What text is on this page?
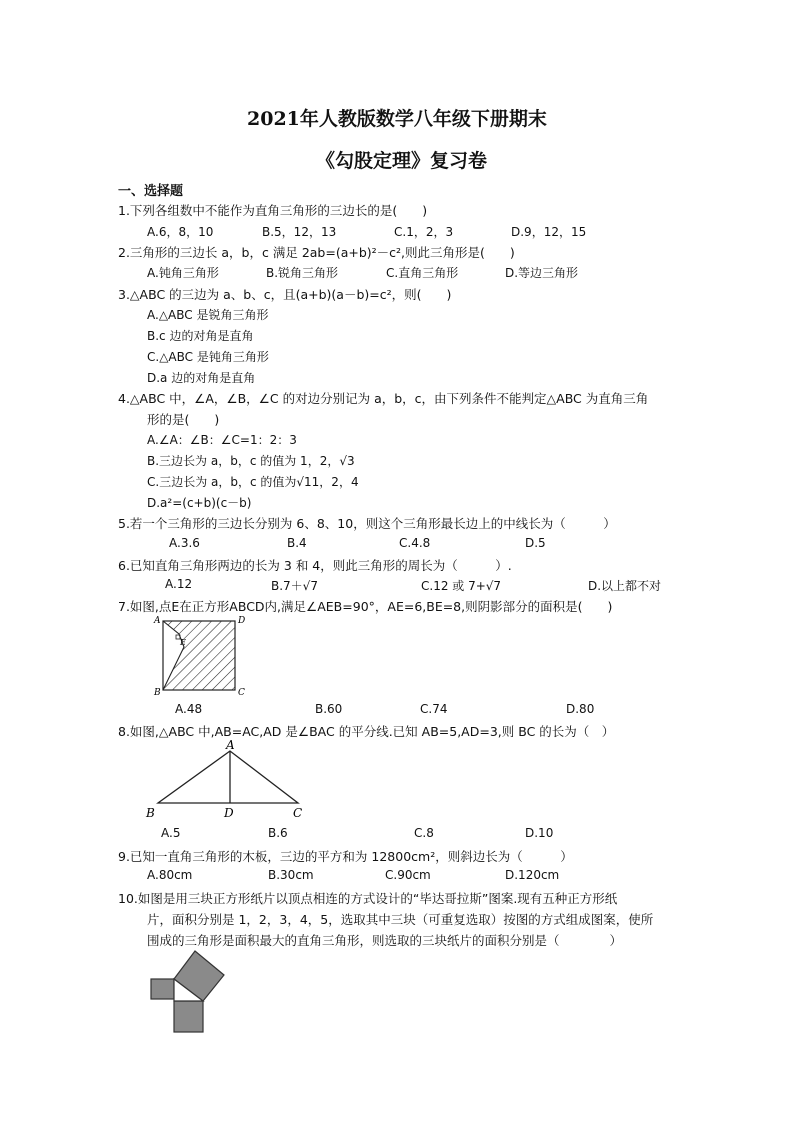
2021年人教版数学八年级下册期末
《勾股定理》复习卷
一、选择题
1.下列各组数中不能作为直角三角形的三边长的是(　　)
A.6，8，10	B.5，12，13	C.1，2，3	D.9，12，15
2.三角形的三边长 a，b，c 满足 2ab=(a+b)²－c²,则此三角形是(　　)
A.钝角三角形	B.锐角三角形	C.直角三角形	D.等边三角形
3.△ABC 的三边为 a、b、c，且(a+b)(a－b)=c²，则(　　)
A.△ABC 是锐角三角形
B.c 边的对角是直角
C.△ABC 是钝角三角形
D.a 边的对角是直角
4.△ABC 中，∠A，∠B，∠C 的对边分别记为 a，b，c，由下列条件不能判定△ABC 为直角三角
形的是(　　)
A.∠A：∠B：∠C=1：2：3
B.三边长为 a，b，c 的值为 1，2，√3
C.三边长为 a，b，c 的值为√11，2，4
D.a²=(c+b)(c－b)
5.若一个三角形的三边长分别为 6、8、10，则这个三角形最长边上的中线长为（　　　）
A.3.6	B.4	C.4.8	D.5
6.已知直角三角形两边的长为 3 和 4，则此三角形的周长为（　　　）.
A.12	B.7＋√7	C.12 或 7+√7	D.以上都不对
7.如图,点E在正方形ABCD内,满足∠AEB=90°，AE=6,BE=8,则阴影部分的面积是(　　)
A	D
E
B	C
A.48	B.60	C.74	D.80
8.如图,△ABC 中,AB=AC,AD 是∠BAC 的平分线.已知 AB=5,AD=3,则 BC 的长为（　）
A
B	D	C
A.5	B.6	C.8	D.10
9.已知一直角三角形的木板，三边的平方和为 12800cm²，则斜边长为（　　　）
A.80cm	B.30cm	C.90cm	D.120cm
10.如图是用三块正方形纸片以顶点相连的方式设计的“毕达哥拉斯”图案.现有五种正方形纸
片，面积分别是 1，2，3，4，5，选取其中三块（可重复选取）按图的方式组成图案，使所
围成的三角形是面积最大的直角三角形，则选取的三块纸片的面积分别是（　　　　）
